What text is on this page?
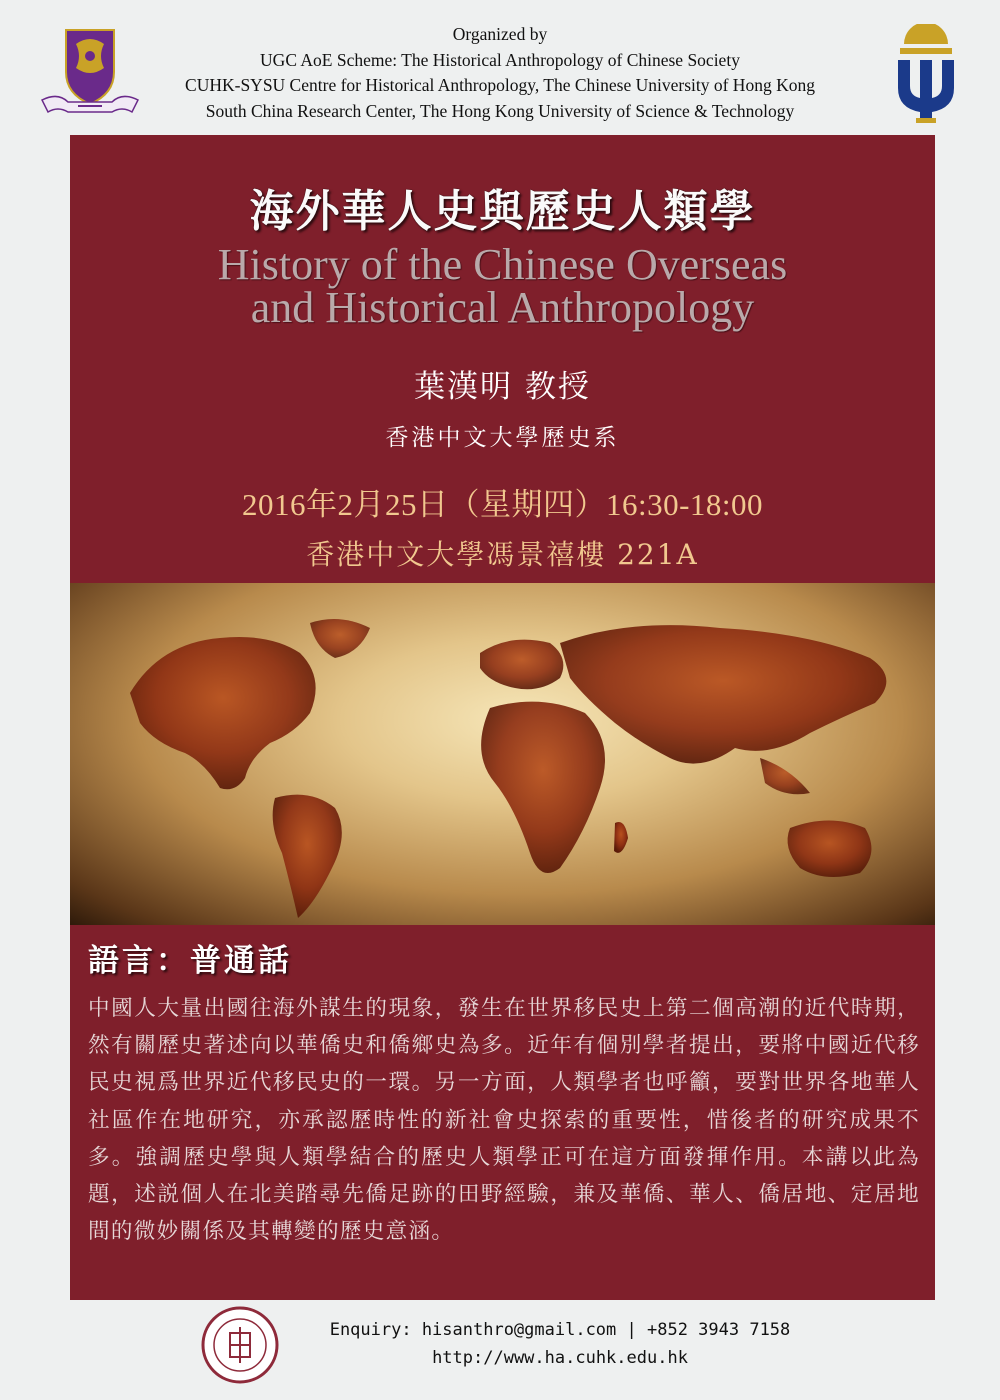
Organized by
UGC AoE Scheme: The Historical Anthropology of Chinese Society
CUHK-SYSU Centre for Historical Anthropology, The Chinese University of Hong Kong
South China Research Center, The Hong Kong University of Science & Technology
海外華人史與歷史人類學
History of the Chinese Overseas
and Historical Anthropology
葉漢明 教授
香港中文大學歷史系
2016年2月25日（星期四）16:30-18:00
香港中文大學馮景禧樓 221A
語言：普通話
中國人大量出國往海外謀生的現象，發生在世界移民史上第二個高潮的近代時期，然有關歷史著述向以華僑史和僑鄉史為多。近年有個別學者提出，要將中國近代移民史視爲世界近代移民史的一環。另一方面，人類學者也呼籲，要對世界各地華人社區作在地研究，亦承認歷時性的新社會史探索的重要性，惜後者的研究成果不多。強調歷史學與人類學結合的歷史人類學正可在這方面發揮作用。本講以此為題，述説個人在北美踏尋先僑足跡的田野經驗，兼及華僑、華人、僑居地、定居地間的微妙關係及其轉變的歷史意涵。
Enquiry: hisanthro@gmail.com | +852 3943 7158
http://www.ha.cuhk.edu.hk
